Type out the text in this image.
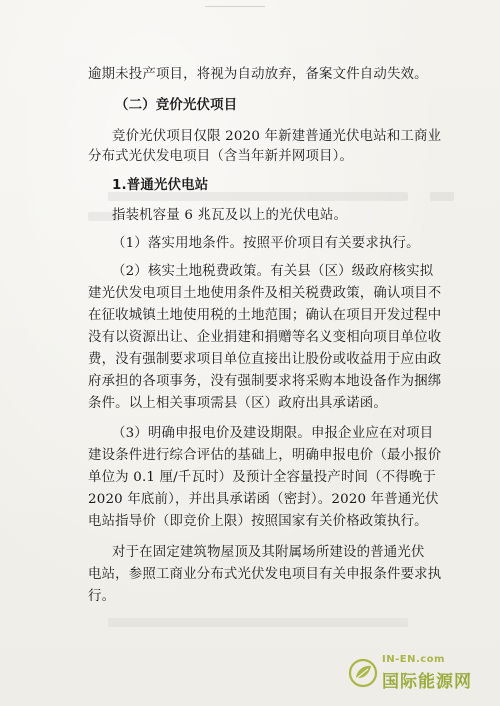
逾期未投产项目，将视为自动放弃，备案文件自动失效。
（二）竞价光伏项目
竞价光伏项目仅限 2020 年新建普通光伏电站和工商业
分布式光伏发电项目（含当年新并网项目）。
1.普通光伏电站
指装机容量 6 兆瓦及以上的光伏电站。
（1）落实用地条件。按照平价项目有关要求执行。
（2）核实土地税费政策。有关县（区）级政府核实拟
建光伏发电项目土地使用条件及相关税费政策，确认项目不
在征收城镇土地使用税的土地范围；确认在项目开发过程中
没有以资源出让、企业捐建和捐赠等名义变相向项目单位收
费，没有强制要求项目单位直接出让股份或收益用于应由政
府承担的各项事务，没有强制要求将采购本地设备作为捆绑
条件。以上相关事项需县（区）政府出具承诺函。
（3）明确申报电价及建设期限。申报企业应在对项目
建设条件进行综合评估的基础上，明确申报电价（最小报价
单位为 0.1 厘/千瓦时）及预计全容量投产时间（不得晚于
2020 年底前），并出具承诺函（密封）。2020 年普通光伏
电站指导价（即竞价上限）按照国家有关价格政策执行。
对于在固定建筑物屋顶及其附属场所建设的普通光伏
电站，参照工商业分布式光伏发电项目有关申报条件要求执
行。
IN-EN.com
国际能源网
